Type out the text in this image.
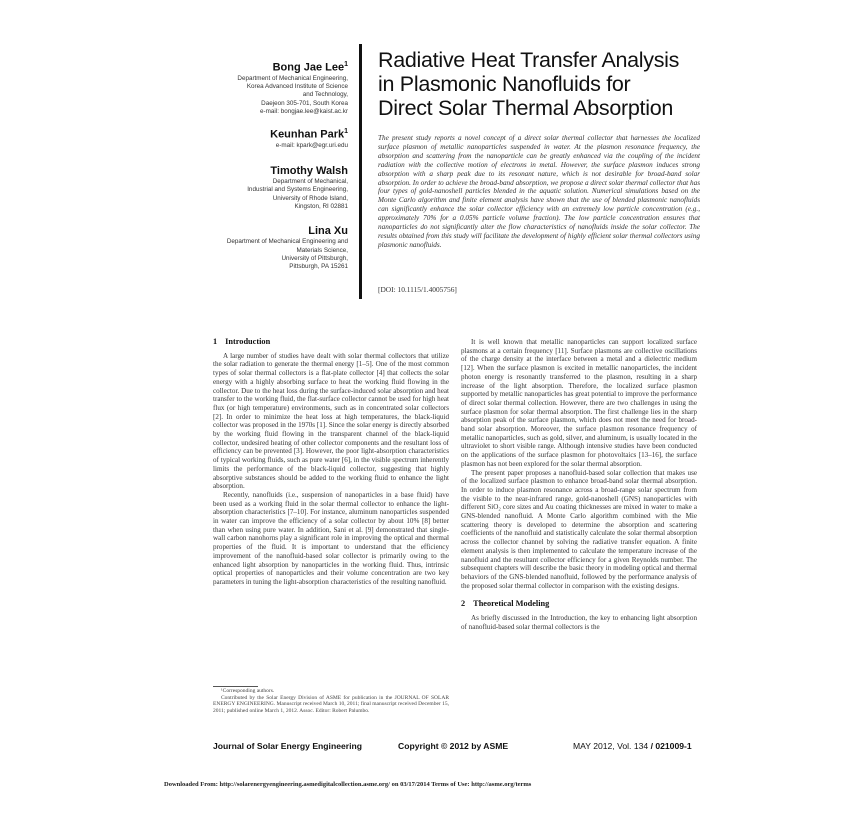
Bong Jae Lee$^1$
Department of Mechanical Engineering,
Korea Advanced Institute of Science
and Technology,
Daejeon 305-701, South Korea
e-mail: bongjae.lee@kaist.ac.kr
Keunhan Park$^1$
e-mail: kpark@egr.uri.edu
Timothy Walsh
Department of Mechanical,
Industrial and Systems Engineering,
University of Rhode Island,
Kingston, RI 02881
Lina Xu
Department of Mechanical Engineering and
Materials Science,
University of Pittsburgh,
Pittsburgh, PA 15261
Radiative Heat Transfer Analysis
in Plasmonic Nanofluids for
Direct Solar Thermal Absorption
The present study reports a novel concept of a direct solar thermal collector that harnesses the localized surface plasmon of metallic nanoparticles suspended in water. At the plasmon resonance frequency, the absorption and scattering from the nanoparticle can be greatly enhanced via the coupling of the incident radiation with the collective motion of electrons in metal. However, the surface plasmon induces strong absorption with a sharp peak due to its resonant nature, which is not desirable for broad-band solar absorption. In order to achieve the broad-band absorption, we propose a direct solar thermal collector that has four types of gold-nanoshell particles blended in the aquatic solution. Numerical simulations based on the Monte Carlo algorithm and finite element analysis have shown that the use of blended plasmonic nanofluids can significantly enhance the solar collector efficiency with an extremely low particle concentration (e.g., approximately 70% for a 0.05% particle volume fraction). The low particle concentration ensures that nanoparticles do not significantly alter the flow characteristics of nanofluids inside the solar collector. The results obtained from this study will facilitate the development of highly efficient solar thermal collectors using plasmonic nanofluids.
[DOI: 10.1115/1.4005756]
1 Introduction

A large number of studies have dealt with solar thermal collectors that utilize the solar radiation to generate the thermal energy [1–5]. One of the most common types of solar thermal collectors is a flat-plate collector [4] that collects the solar energy with a highly absorbing surface to heat the working fluid flowing in the collector. Due to the heat loss during the surface-induced solar absorption and heat transfer to the working fluid, the flat-surface collector cannot be used for high heat flux (or high temperature) environments, such as in concentrated solar collectors [2]. In order to minimize the heat loss at high temperatures, the black-liquid collector was proposed in the 1970s [1]. Since the solar energy is directly absorbed by the working fluid flowing in the transparent channel of the black-liquid collector, undesired heating of other collector components and the resultant loss of efficiency can be prevented [3]. However, the poor light-absorption characteristics of typical working fluids, such as pure water [6], in the visible spectrum inherently limits the performance of the black-liquid collector, suggesting that highly absorptive substances should be added to the working fluid to enhance the light absorption.

Recently, nanofluids (i.e., suspension of nanoparticles in a base fluid) have been used as a working fluid in the solar thermal collector to enhance the light-absorption characteristics [7–10]. For instance, aluminum nanoparticles suspended in water can improve the efficiency of a solar collector by about 10% [8] better than when using pure water. In addition, Sani et al. [9] demonstrated that single-wall carbon nanohorns play a significant role in improving the optical and thermal properties of the fluid. It is important to understand that the efficiency improvement of the nanofluid-based solar collector is primarily owing to the enhanced light absorption by nanoparticles in the working fluid. Thus, intrinsic optical properties of nanoparticles and their volume concentration are two key parameters in tuning the light-absorption characteristics of the resulting nanofluid.

It is well known that metallic nanoparticles can support localized surface plasmons at a certain frequency [11]. Surface plasmons are collective oscillations of the charge density at the interface between a metal and a dielectric medium [12]. When the surface plasmon is excited in metallic nanoparticles, the incident photon energy is resonantly transferred to the plasmon, resulting in a sharp increase of the light absorption. Therefore, the localized surface plasmon supported by metallic nanoparticles has great potential to improve the performance of direct solar thermal collection. However, there are two challenges in using the surface plasmon for solar thermal absorption. The first challenge lies in the sharp absorption peak of the surface plasmon, which does not meet the need for broad-band solar absorption. Moreover, the surface plasmon resonance frequency of metallic nanoparticles, such as gold, silver, and aluminum, is usually located in the ultraviolet to short visible range. Although intensive studies have been conducted on the applications of the surface plasmon for photovoltaics [13–16], the surface plasmon has not been explored for the solar thermal absorption.

The present paper proposes a nanofluid-based solar collection that makes use of the localized surface plasmon to enhance broad-band solar thermal absorption. In order to induce plasmon resonance across a broad-range solar spectrum from the visible to the near-infrared range, gold-nanoshell (GNS) nanoparticles with different SiO₂ core sizes and Au coating thicknesses are mixed in water to make a GNS-blended nanofluid. A Monte Carlo algorithm combined with the Mie scattering theory is developed to determine the absorption and scattering coefficients of the nanofluid and statistically calculate the solar thermal absorption across the collector channel by solving the radiative transfer equation. A finite element analysis is then implemented to calculate the temperature increase of the nanofluid and the resultant collector efficiency for a given Reynolds number. The subsequent chapters will describe the basic theory in modeling optical and thermal behaviors of the GNS-blended nanofluid, followed by the performance analysis of the proposed solar thermal collector in comparison with the existing designs.

2 Theoretical Modeling

As briefly discussed in the Introduction, the key to enhancing light absorption of nanofluid-based solar thermal collectors is the

¹Corresponding authors.
Contributed by the Solar Energy Division of ASME for publication in the JOURNAL OF SOLAR ENERGY ENGINEERING. Manuscript received March 10, 2011; final manuscript received December 15, 2011; published online March 1, 2012. Assoc. Editor: Robert Palumbo.
Journal of Solar Energy Engineering	Copyright © 2012 by ASME	MAY 2012, Vol. 134 / 021009-1
Downloaded From: http://solarenergyengineering.asmedigitalcollection.asme.org/ on 03/17/2014 Terms of Use: http://asme.org/terms
